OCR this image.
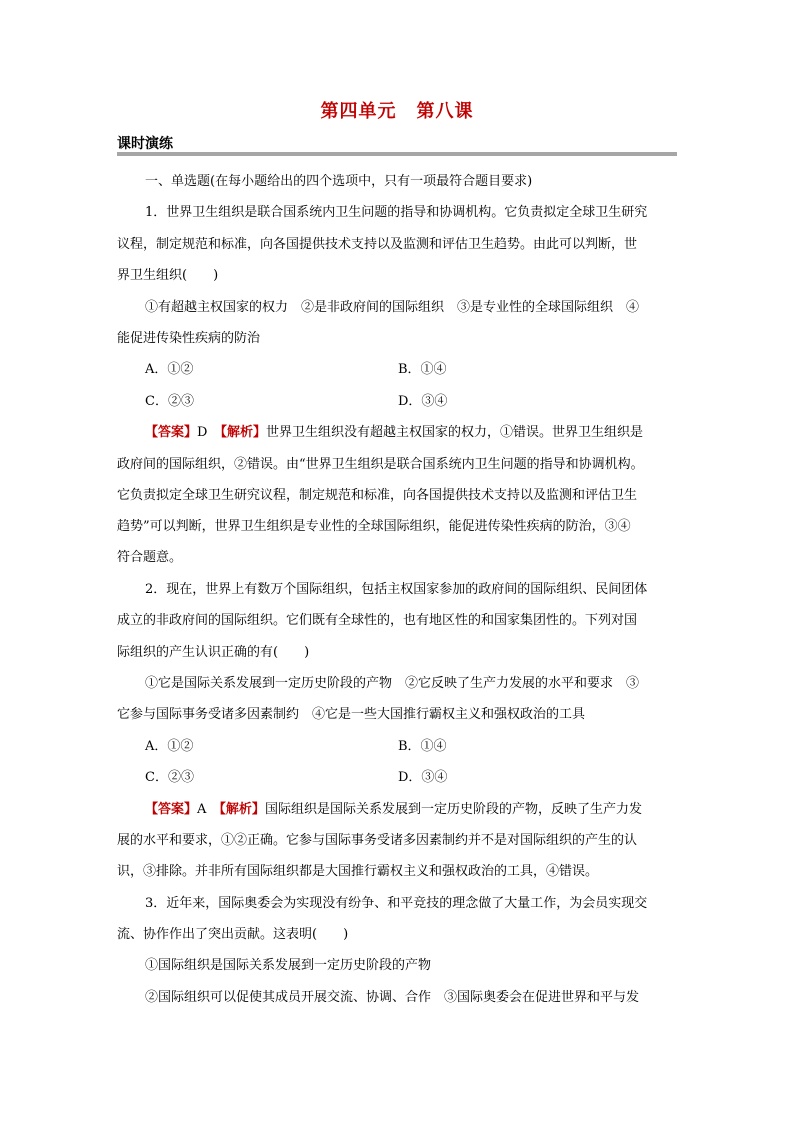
第四单元 第八课
课时演练
一、单选题(在每小题给出的四个选项中，只有一项最符合题目要求)
1．世界卫生组织是联合国系统内卫生问题的指导和协调机构。它负责拟定全球卫生研究
议程，制定规范和标准，向各国提供技术支持以及监测和评估卫生趋势。由此可以判断，世
界卫生组织(　　)
①有超越主权国家的权力　②是非政府间的国际组织　③是专业性的全球国际组织　④
能促进传染性疾病的防治
A．①②	B．①④
C．②③	D．③④
【答案】D　 【解析】世界卫生组织没有超越主权国家的权力，①错误。世界卫生组织是
政府间的国际组织，②错误。由“世界卫生组织是联合国系统内卫生问题的指导和协调机构。
它负责拟定全球卫生研究议程，制定规范和标准，向各国提供技术支持以及监测和评估卫生
趋势”可以判断，世界卫生组织是专业性的全球国际组织，能促进传染性疾病的防治，③④
符合题意。
2．现在，世界上有数万个国际组织，包括主权国家参加的政府间的国际组织、民间团体
成立的非政府间的国际组织。它们既有全球性的，也有地区性的和国家集团性的。下列对国
际组织的产生认识正确的有(　　)
①它是国际关系发展到一定历史阶段的产物　②它反映了生产力发展的水平和要求　③
它参与国际事务受诸多因素制约　④它是一些大国推行霸权主义和强权政治的工具
A．①②	B．①④
C．②③	D．③④
【答案】A　 【解析】国际组织是国际关系发展到一定历史阶段的产物，反映了生产力发
展的水平和要求，①②正确。它参与国际事务受诸多因素制约并不是对国际组织的产生的认
识，③排除。并非所有国际组织都是大国推行霸权主义和强权政治的工具，④错误。
3．近年来，国际奥委会为实现没有纷争、和平竞技的理念做了大量工作，为会员实现交
流、协作作出了突出贡献。这表明(　　)
①国际组织是国际关系发展到一定历史阶段的产物
②国际组织可以促使其成员开展交流、协调、合作　③国际奥委会在促进世界和平与发
